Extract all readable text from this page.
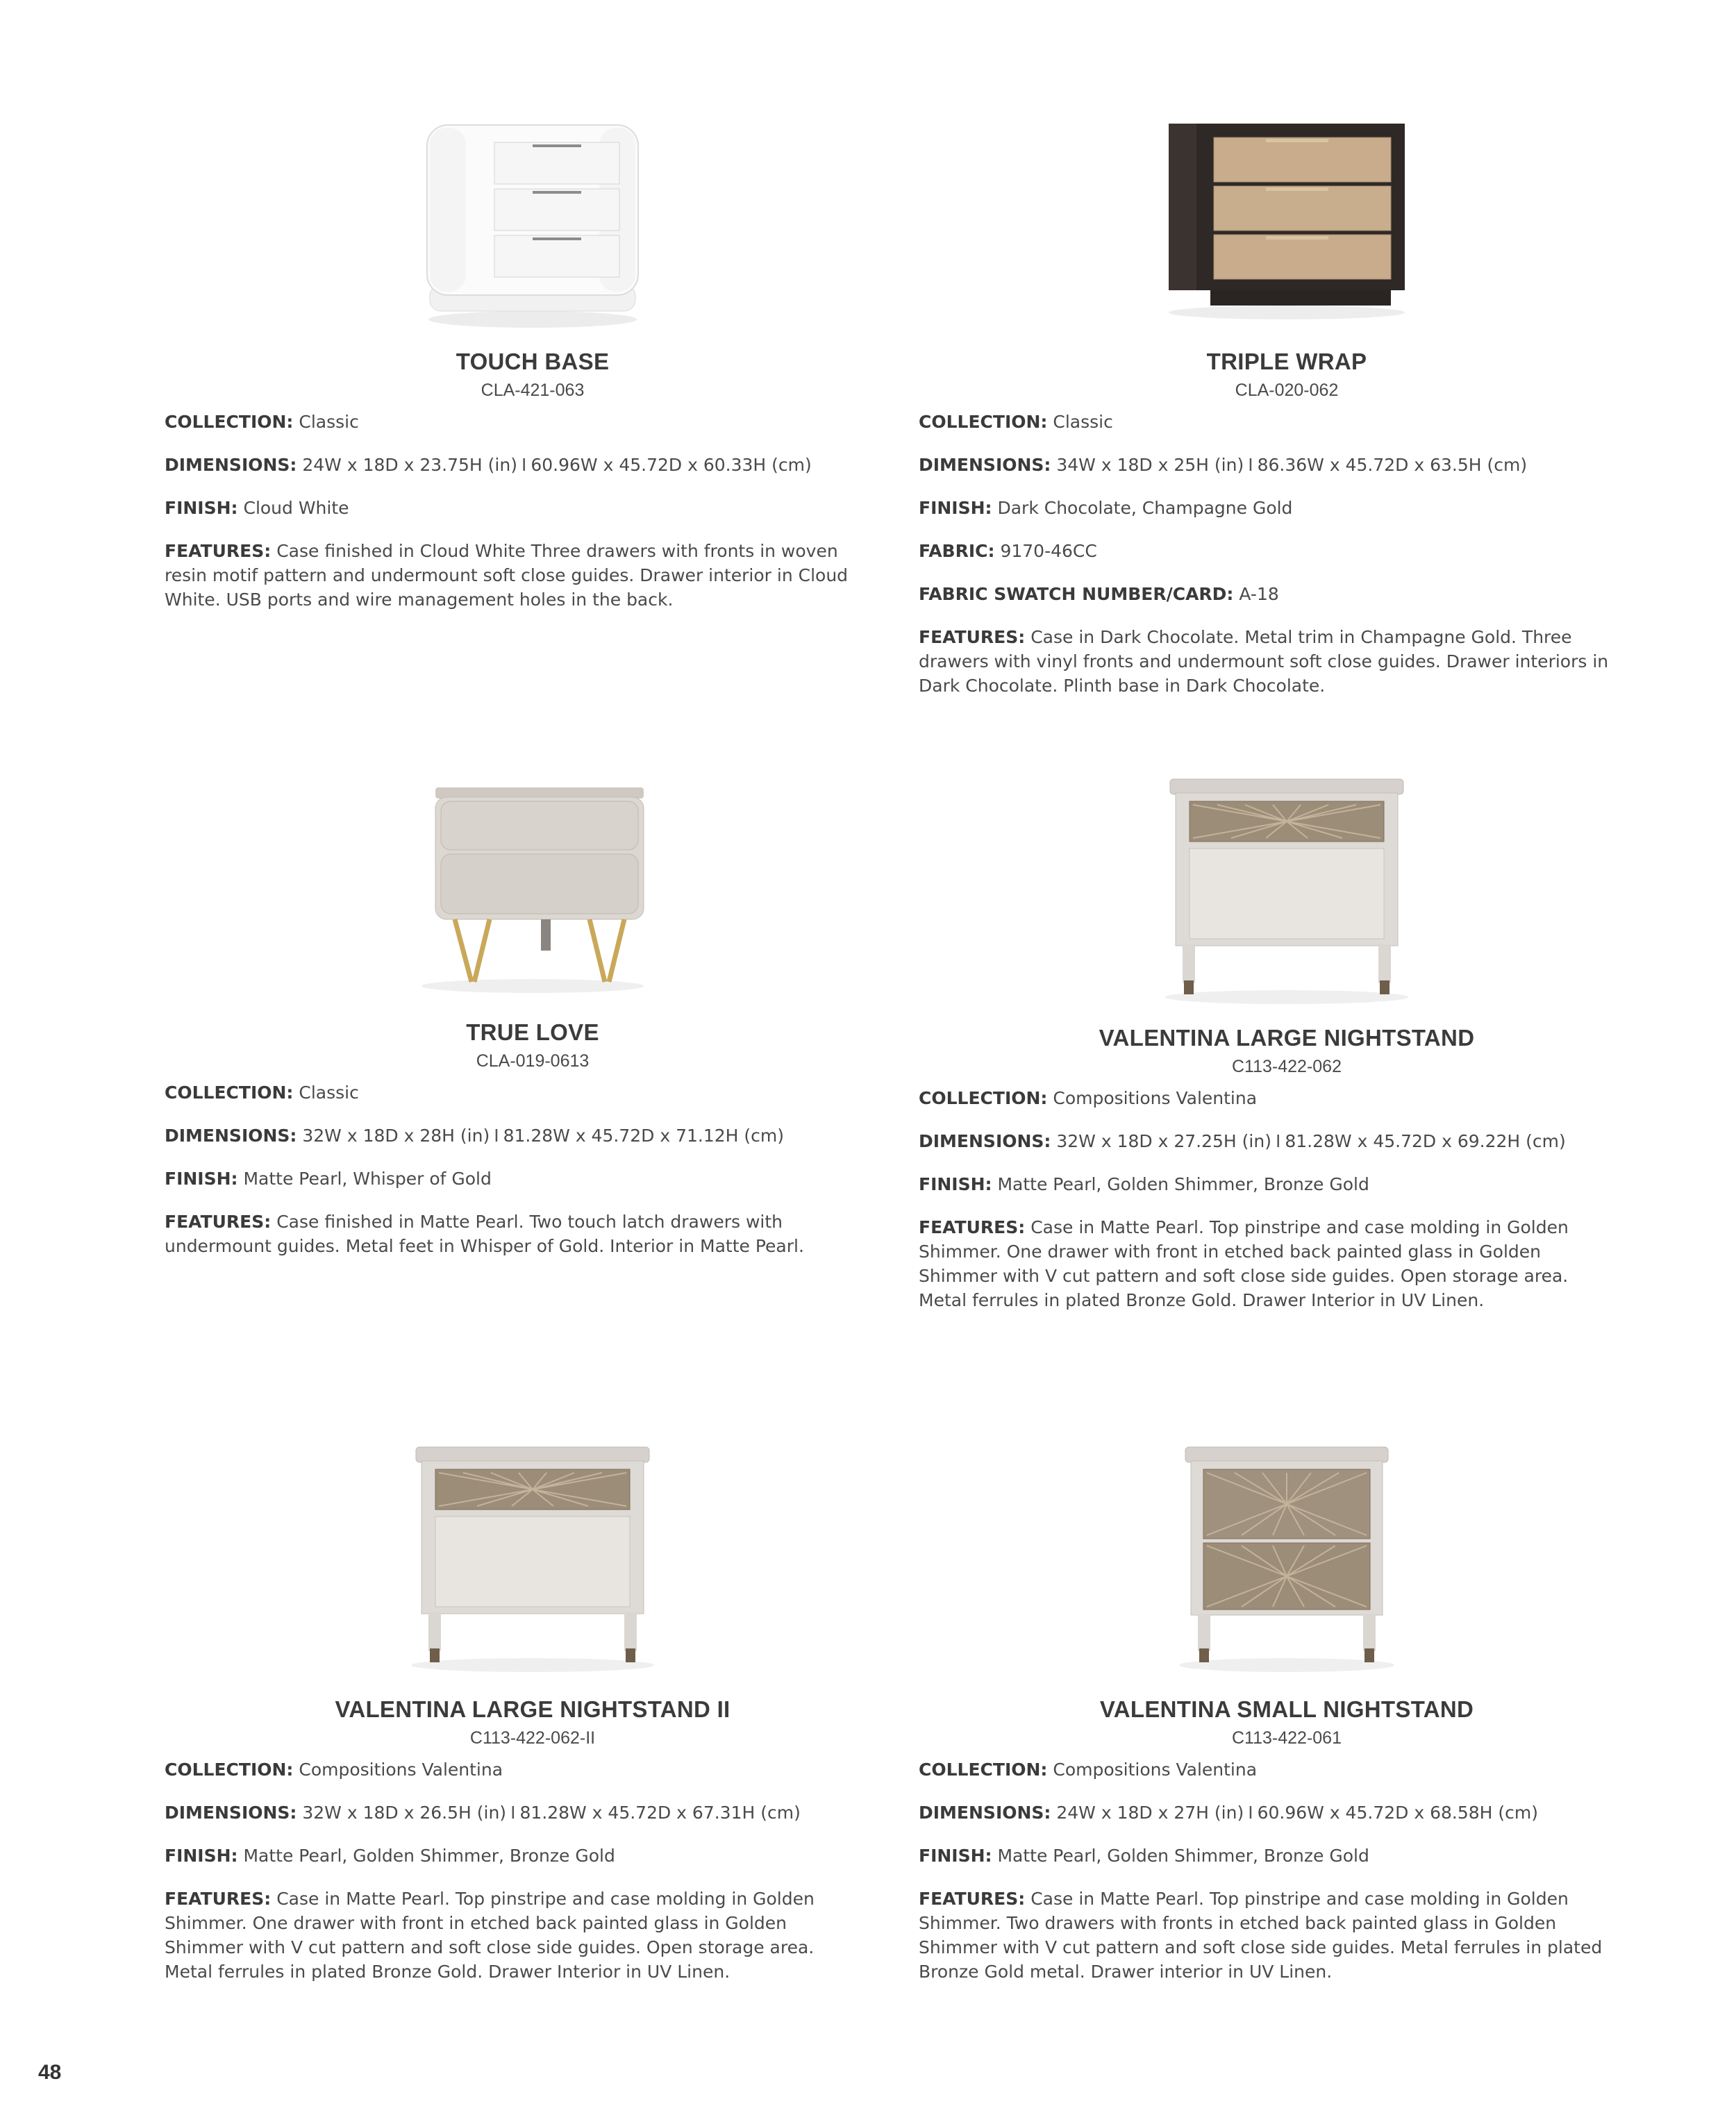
TOUCH BASE
CLA-421-063
COLLECTION: Classic
DIMENSIONS: 24W x 18D x 23.75H (in) I 60.96W x 45.72D x 60.33H (cm)
FINISH: Cloud White
FEATURES: Case finished in Cloud White Three drawers with fronts in woven resin motif pattern and undermount soft close guides. Drawer interior in Cloud White. USB ports and wire management holes in the back.
TRIPLE WRAP
CLA-020-062
COLLECTION: Classic
DIMENSIONS: 34W x 18D x 25H (in) I 86.36W x 45.72D x 63.5H (cm)
FINISH: Dark Chocolate, Champagne Gold
FABRIC: 9170-46CC
FABRIC SWATCH NUMBER/CARD: A-18
FEATURES: Case in Dark Chocolate. Metal trim in Champagne Gold. Three drawers with vinyl fronts and undermount soft close guides. Drawer interiors in Dark Chocolate. Plinth base in Dark Chocolate.
TRUE LOVE
CLA-019-0613
COLLECTION: Classic
DIMENSIONS: 32W x 18D x 28H (in) I 81.28W x 45.72D x 71.12H (cm)
FINISH: Matte Pearl, Whisper of Gold
FEATURES: Case finished in Matte Pearl. Two touch latch drawers with undermount guides. Metal feet in Whisper of Gold. Interior in Matte Pearl.
VALENTINA LARGE NIGHTSTAND
C113-422-062
COLLECTION: Compositions Valentina
DIMENSIONS: 32W x 18D x 27.25H (in) I 81.28W x 45.72D x 69.22H (cm)
FINISH: Matte Pearl, Golden Shimmer, Bronze Gold
FEATURES: Case in Matte Pearl. Top pinstripe and case molding in Golden Shimmer. One drawer with front in etched back painted glass in Golden Shimmer with V cut pattern and soft close side guides. Open storage area. Metal ferrules in plated Bronze Gold. Drawer Interior in UV Linen.
VALENTINA LARGE NIGHTSTAND II
C113-422-062-II
COLLECTION: Compositions Valentina
DIMENSIONS: 32W x 18D x 26.5H (in) I 81.28W x 45.72D x 67.31H (cm)
FINISH: Matte Pearl, Golden Shimmer, Bronze Gold
FEATURES: Case in Matte Pearl. Top pinstripe and case molding in Golden Shimmer. One drawer with front in etched back painted glass in Golden Shimmer with V cut pattern and soft close side guides. Open storage area. Metal ferrules in plated Bronze Gold. Drawer Interior in UV Linen.
VALENTINA SMALL NIGHTSTAND
C113-422-061
COLLECTION: Compositions Valentina
DIMENSIONS: 24W x 18D x 27H (in) I 60.96W x 45.72D x 68.58H (cm)
FINISH: Matte Pearl, Golden Shimmer, Bronze Gold
FEATURES: Case in Matte Pearl. Top pinstripe and case molding in Golden Shimmer. Two drawers with fronts in etched back painted glass in Golden Shimmer with V cut pattern and soft close side guides. Metal ferrules in plated Bronze Gold metal. Drawer interior in UV Linen.
48
